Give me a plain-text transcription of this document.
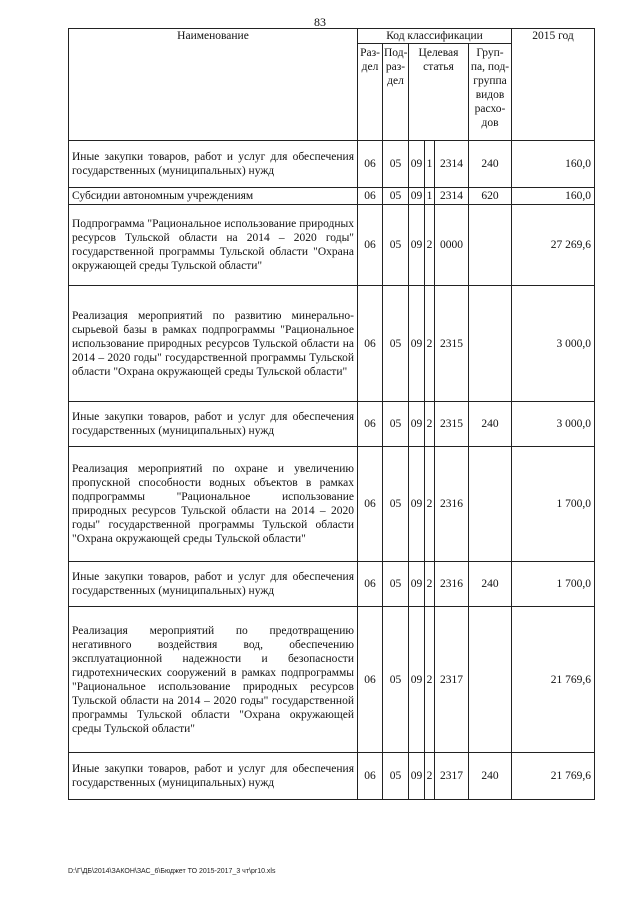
83
Наименование	Код классификации						2015 год
	Раз-дел	Под-раз-дел	Целевая статья			Груп-па, под-группа видов расхо-дов	
Иные закупки товаров, работ и услуг для обеспечения государственных (муниципальных) нужд	06	05	09	1	2314	240	160,0
Субсидии автономным учреждениям	06	05	09	1	2314	620	160,0
Подпрограмма "Рациональное использование природных ресурсов Тульской области на 2014 – 2020 годы" государственной программы Тульской области "Охрана окружающей среды Тульской области"	06	05	09	2	0000		27 269,6
Реализация мероприятий по развитию минерально-сырьевой базы в рамках подпрограммы "Рациональное использование природных ресурсов Тульской области на 2014 – 2020 годы" государственной программы Тульской области "Охрана окружающей среды Тульской области"	06	05	09	2	2315		3 000,0
Иные закупки товаров, работ и услуг для обеспечения государственных (муниципальных) нужд	06	05	09	2	2315	240	3 000,0
Реализация мероприятий по охране и увеличению пропускной способности водных объектов в рамках подпрограммы "Рациональное использование природных ресурсов Тульской области на 2014 – 2020 годы" государственной программы Тульской области "Охрана окружающей среды Тульской области"	06	05	09	2	2316		1 700,0
Иные закупки товаров, работ и услуг для обеспечения государственных (муниципальных) нужд	06	05	09	2	2316	240	1 700,0
Реализация мероприятий по предотвращению негативного воздействия вод, обеспечению эксплуатационной надежности и безопасности гидротехнических сооружений в рамках подпрограммы "Рациональное использование природных ресурсов Тульской области на 2014 – 2020 годы" государственной программы Тульской области "Охрана окружающей среды Тульской области"	06	05	09	2	2317		21 769,6
Иные закупки товаров, работ и услуг для обеспечения государственных (муниципальных) нужд	06	05	09	2	2317	240	21 769,6
D:\Г\ДБ\2014\ЗАКОН\ЗАС_6\Бюджет ТО 2015-2017_3 чт\pr10.xls
